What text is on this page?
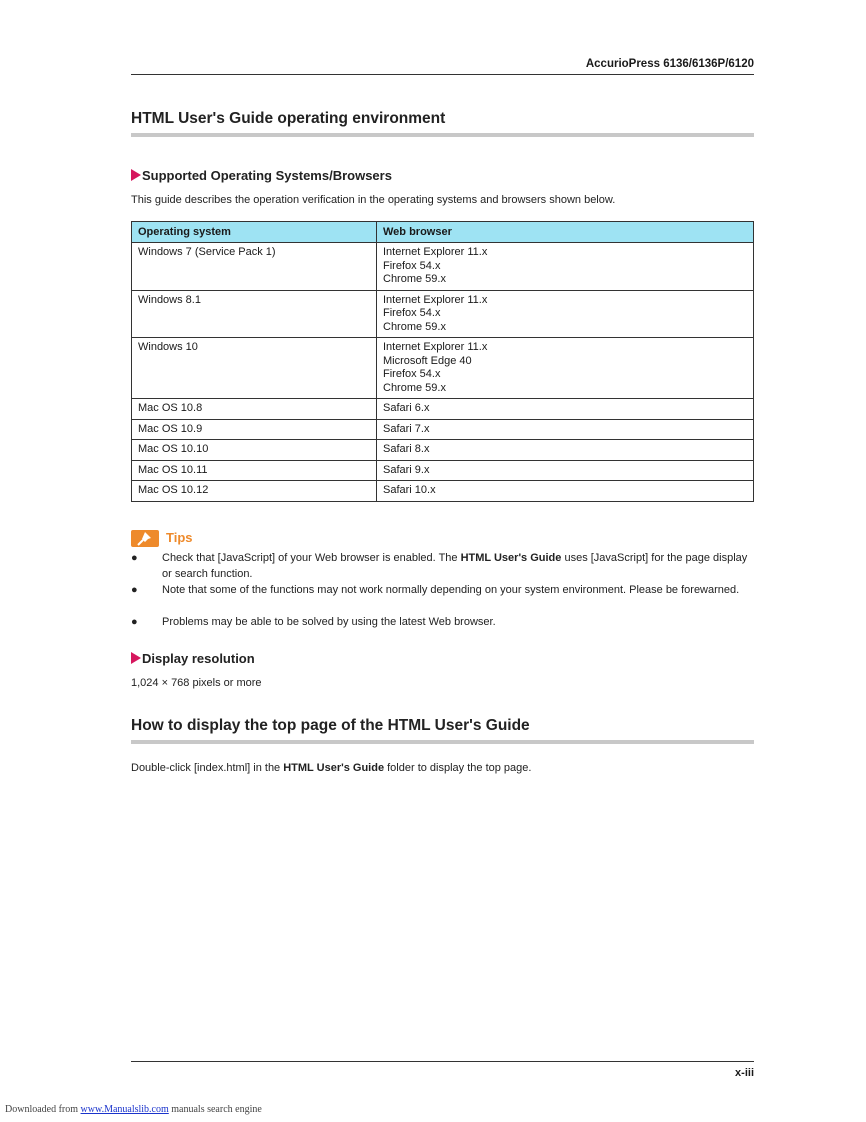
AccurioPress 6136/6136P/6120
HTML User's Guide operating environment
Supported Operating Systems/Browsers
This guide describes the operation verification in the operating systems and browsers shown below.
Operating system	Web browser
Windows 7 (Service Pack 1)	Internet Explorer 11.x
Firefox 54.x
Chrome 59.x

Windows 8.1	Internet Explorer 11.x
Firefox 54.x
Chrome 59.x

Windows 10	Internet Explorer 11.x
Microsoft Edge 40
Firefox 54.x
Chrome 59.x

Mac OS 10.8	Safari 6.x

Mac OS 10.9	Safari 7.x

Mac OS 10.10	Safari 8.x

Mac OS 10.11	Safari 9.x

Mac OS 10.12	Safari 10.x
Tips
● Check that [JavaScript] of your Web browser is enabled. The HTML User's Guide uses [JavaScript] for the page display or search function.
● Note that some of the functions may not work normally depending on your system environment. Please be forewarned.
● Problems may be able to be solved by using the latest Web browser.
Display resolution
1,024 × 768 pixels or more
How to display the top page of the HTML User's Guide
Double-click [index.html] in the HTML User's Guide folder to display the top page.
x-iii
Downloaded from www.Manualslib.com manuals search engine
